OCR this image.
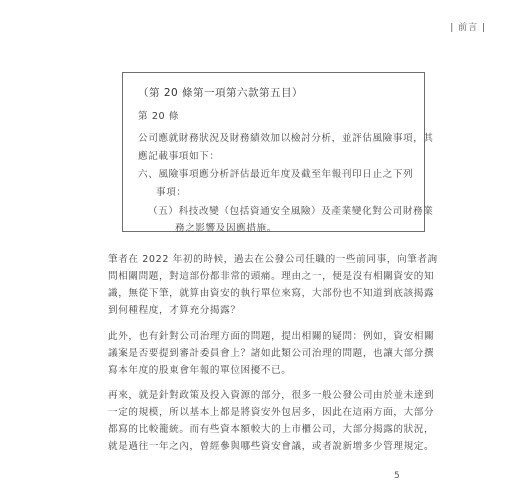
| 前言 |
（第 20 條第一項第六款第五目）
第 20 條
公司應就財務狀況及財務績效加以檢討分析，並評估風險事項，其
應記載事項如下：
六、風險事項應分析評估最近年度及截至年報刊印日止之下列
事項：
（五）科技改變（包括資通安全風險）及產業變化對公司財務業
務之影響及因應措施。

筆者在 2022 年初的時候，過去在公發公司任職的一些前同事，向筆者詢
問相關問題，對這部份都非常的頭痛。理由之一，便是沒有相關資安的知
識，無從下筆，就算由資安的執行單位來寫，大部份也不知道到底該揭露
到何種程度，才算充分揭露？

此外，也有針對公司治理方面的問題，提出相關的疑問：例如，資安相關
議案是否要提到審計委員會上？諸如此類公司治理的問題，也讓大部分撰
寫本年度的股東會年報的單位困擾不已。

再來，就是針對政策及投入資源的部分，很多一般公發公司由於並未達到
一定的規模，所以基本上都是將資安外包居多，因此在這兩方面，大部分
都寫的比較籠統。而有些資本額較大的上市櫃公司，大部分揭露的狀況，
就是過往一年之內，曾經參與哪些資安會議，或者說新增多少管理規定。

5
